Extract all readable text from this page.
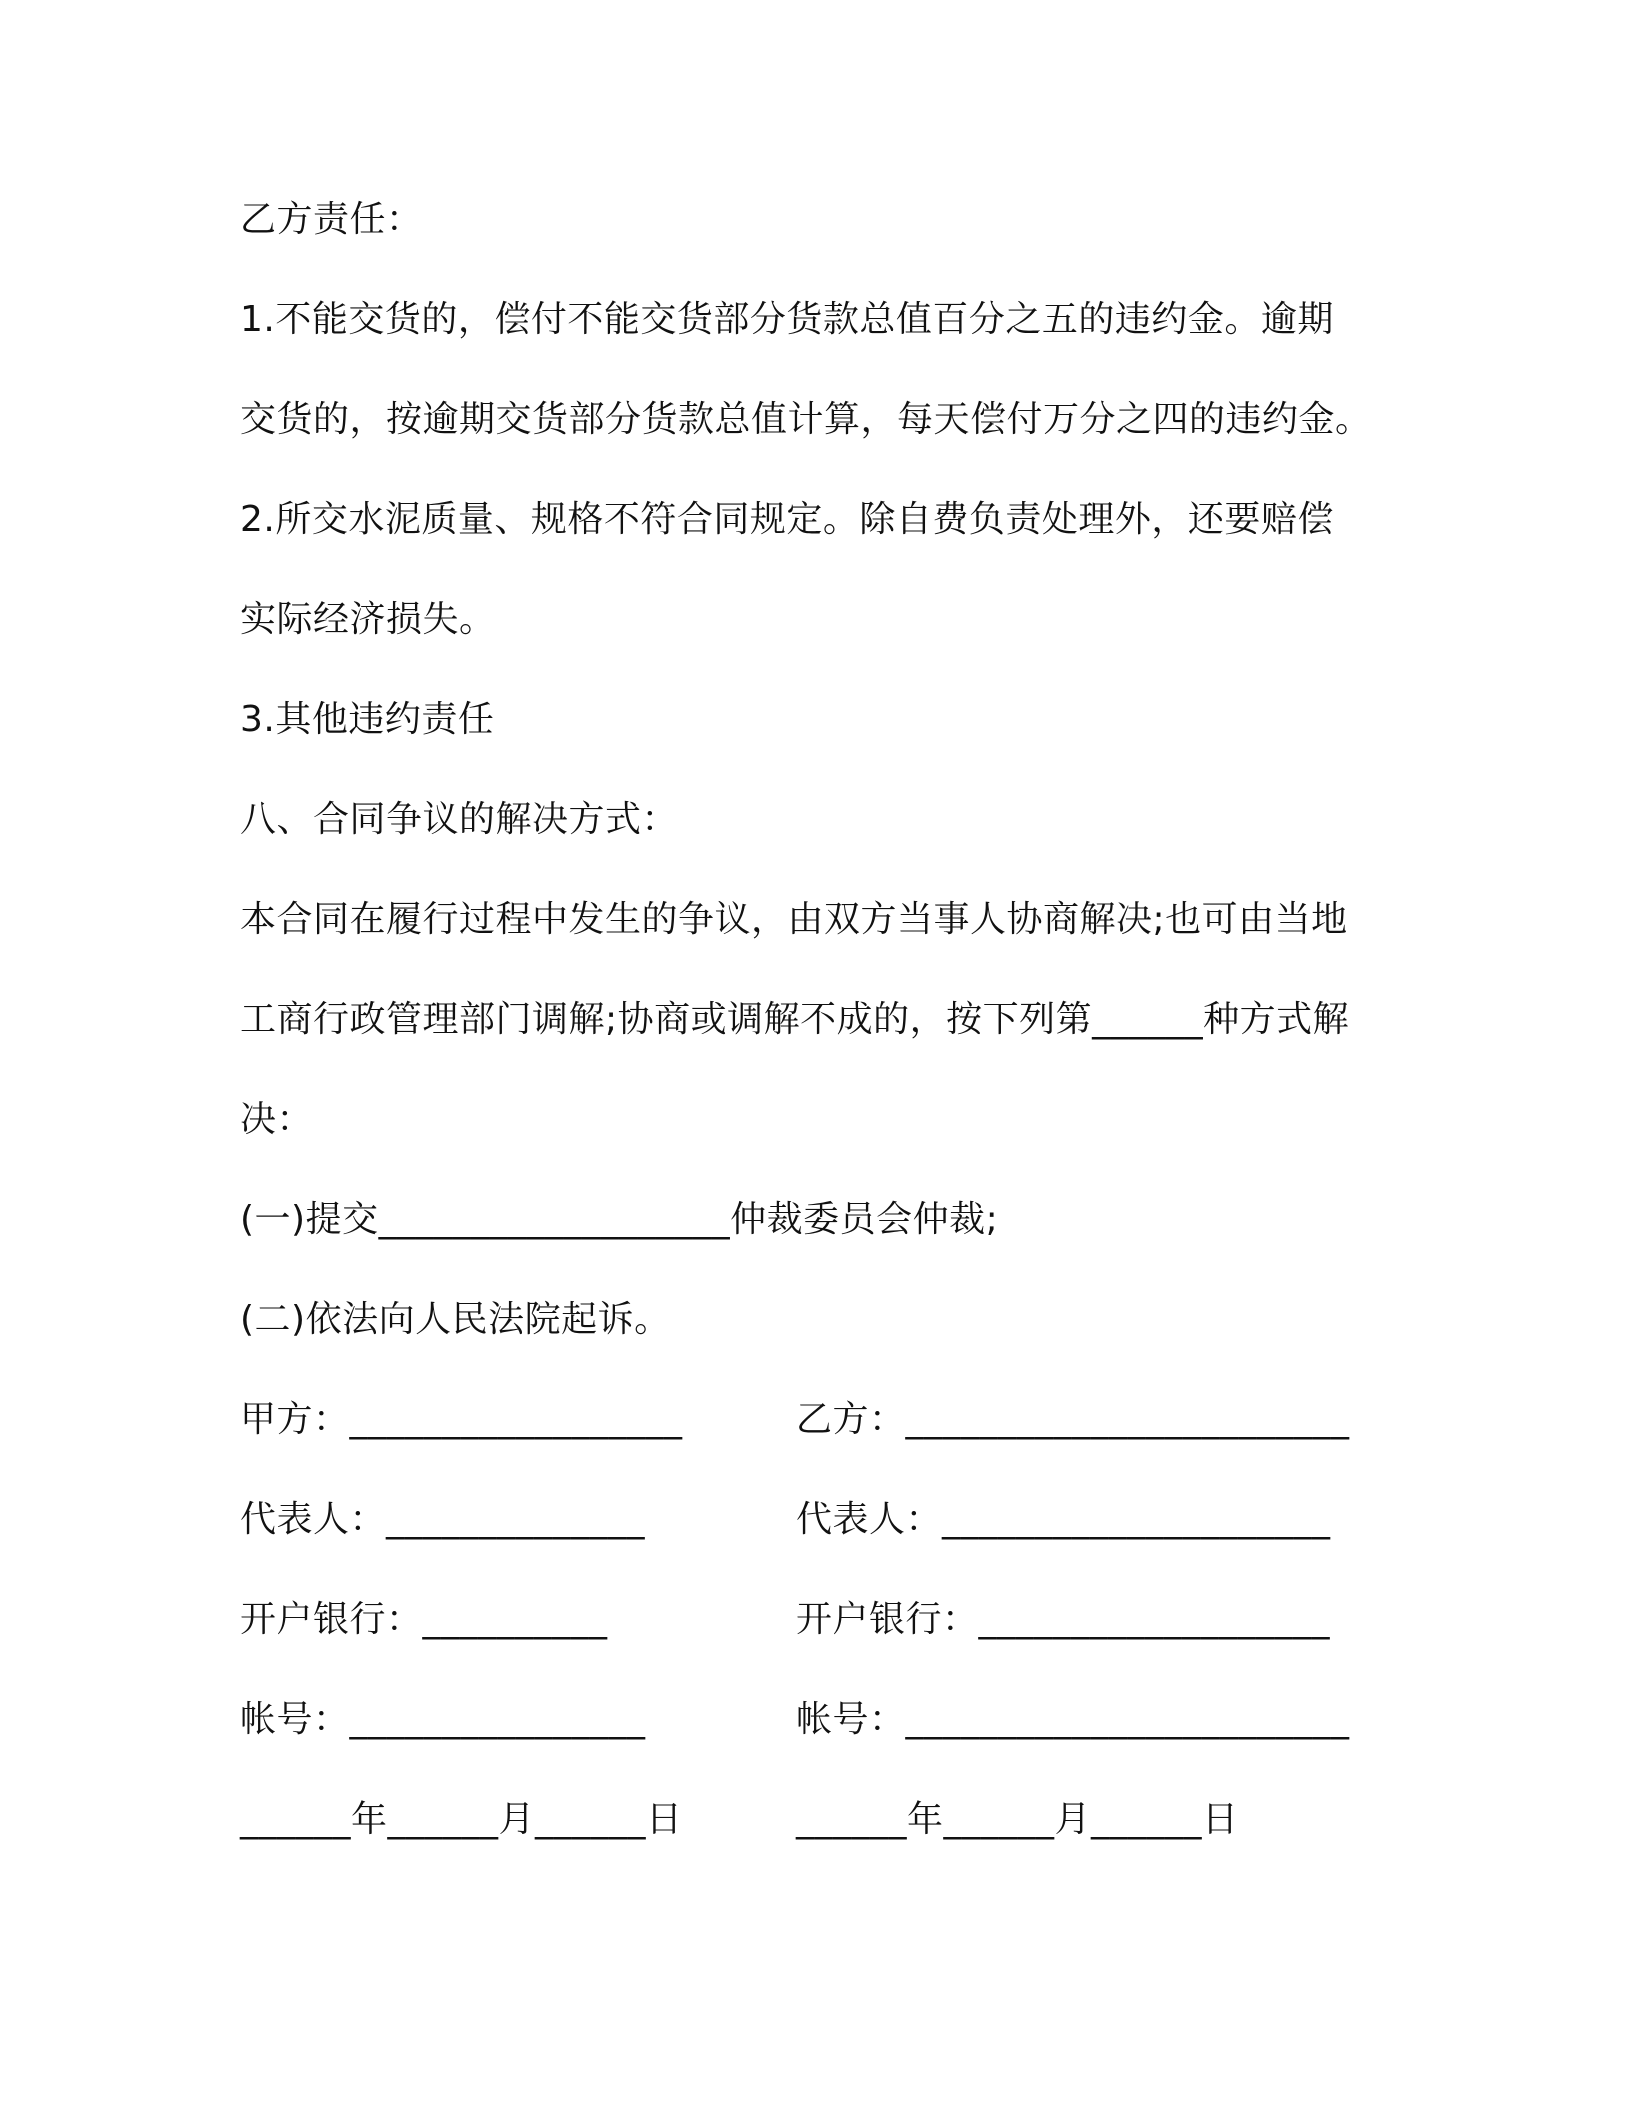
乙方责任：
1.不能交货的，偿付不能交货部分货款总值百分之五的违约金。逾期
交货的，按逾期交货部分货款总值计算，每天偿付万分之四的违约金。
2.所交水泥质量、规格不符合同规定。除自费负责处理外，还要赔偿
实际经济损失。
3.其他违约责任
八、合同争议的解决方式：
本合同在履行过程中发生的争议，由双方当事人协商解决;也可由当地
工商行政管理部门调解;协商或调解不成的，按下列第______种方式解
决：
(一)提交___________________仲裁委员会仲裁;
(二)依法向人民法院起诉。
甲方：__________________	乙方：________________________
代表人：______________	代表人：_____________________
开户银行：__________	开户银行：___________________
帐号：________________	帐号：________________________
______年______月______日	______年______月______日
